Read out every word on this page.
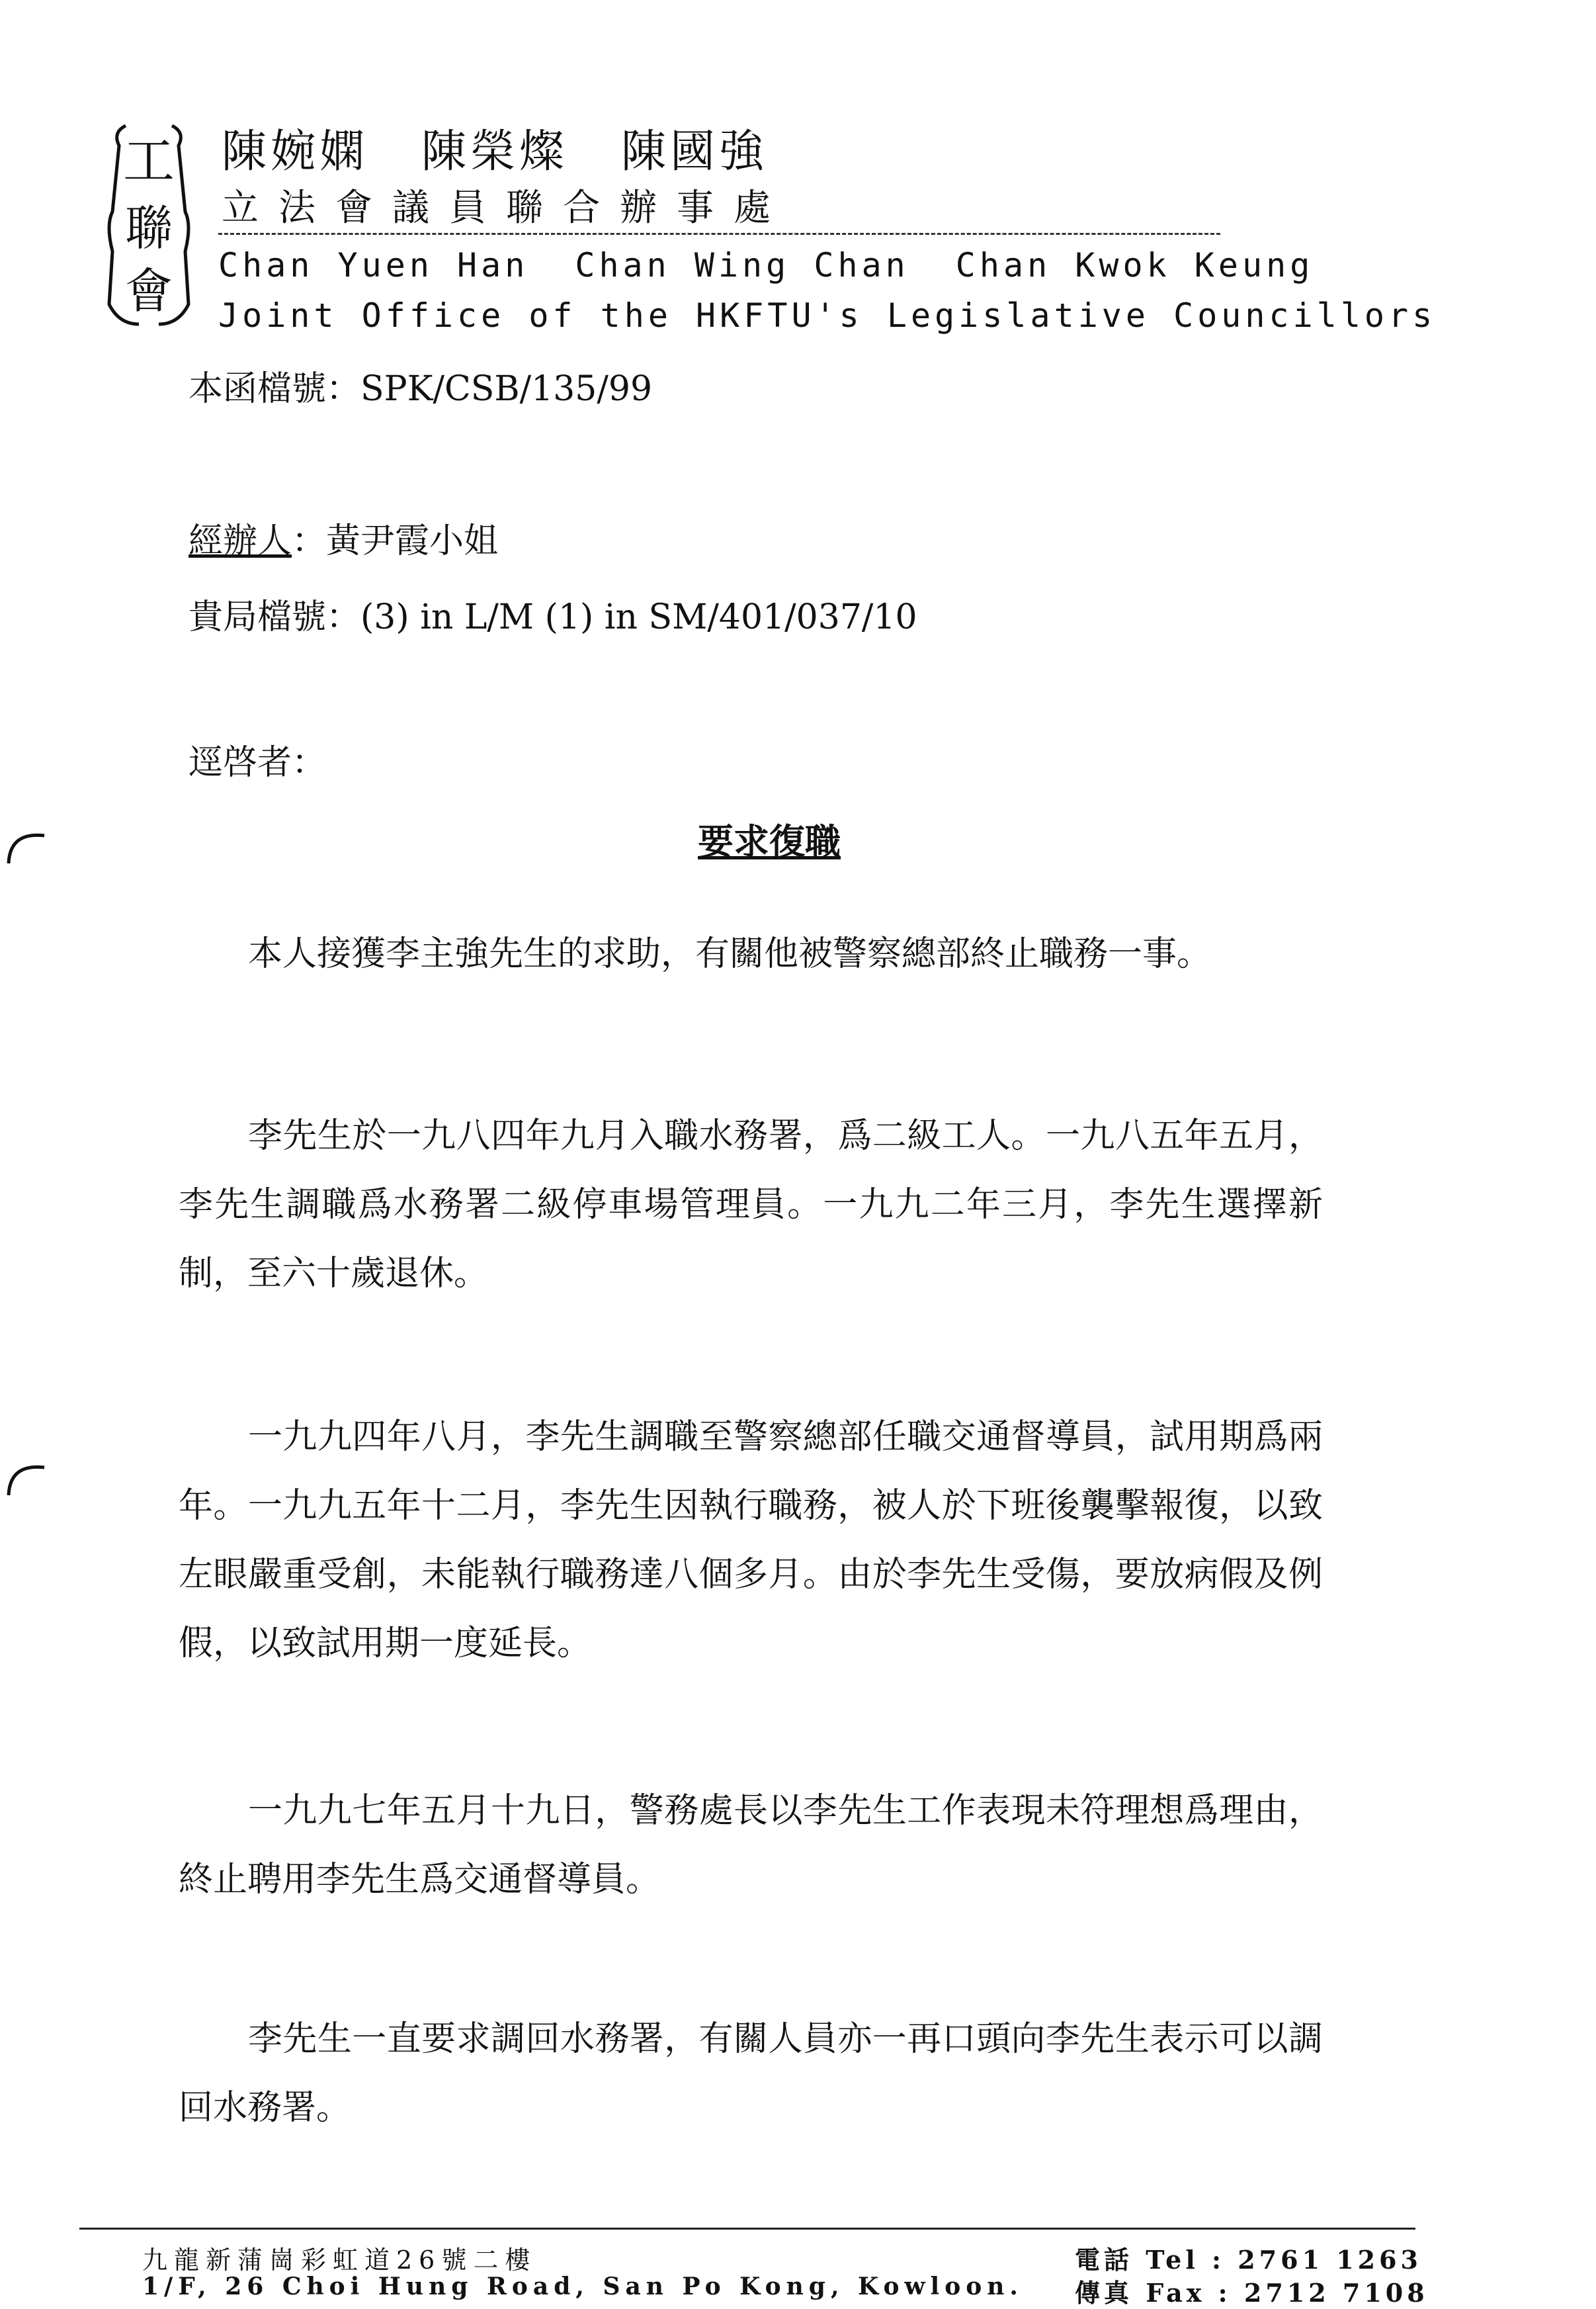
工
聯
會
陳婉嫻 陳榮燦 陳國強
立法會議員聯合辦事處
Chan Yuen Han Chan Wing Chan Chan Kwok Keung
Joint Office of the HKFTU's Legislative Councillors
本函檔號：SPK/CSB/135/99
經辦人：黃尹霞小姐
貴局檔號：(3) in L/M (1) in SM/401/037/10
逕啓者：
要求復職

本人接獲李主強先生的求助，有關他被警察總部終止職務一事。

李先生於一九八四年九月入職水務署，爲二級工人。一九八五年五月，李先生調職爲水務署二級停車場管理員。一九九二年三月，李先生選擇新制，至六十歲退休。

一九九四年八月，李先生調職至警察總部任職交通督導員，試用期爲兩年。一九九五年十二月，李先生因執行職務，被人於下班後襲擊報復，以致左眼嚴重受創，未能執行職務達八個多月。由於李先生受傷，要放病假及例假，以致試用期一度延長。

一九九七年五月十九日，警務處長以李先生工作表現未符理想爲理由，終止聘用李先生爲交通督導員。

李先生一直要求調回水務署，有關人員亦一再口頭向李先生表示可以調回水務署。

九龍新蒲崗彩虹道26號二樓
1/F, 26 Choi Hung Road, San Po Kong, Kowloon.
電話 Tel : 2761 1263
傳真 Fax : 2712 7108
